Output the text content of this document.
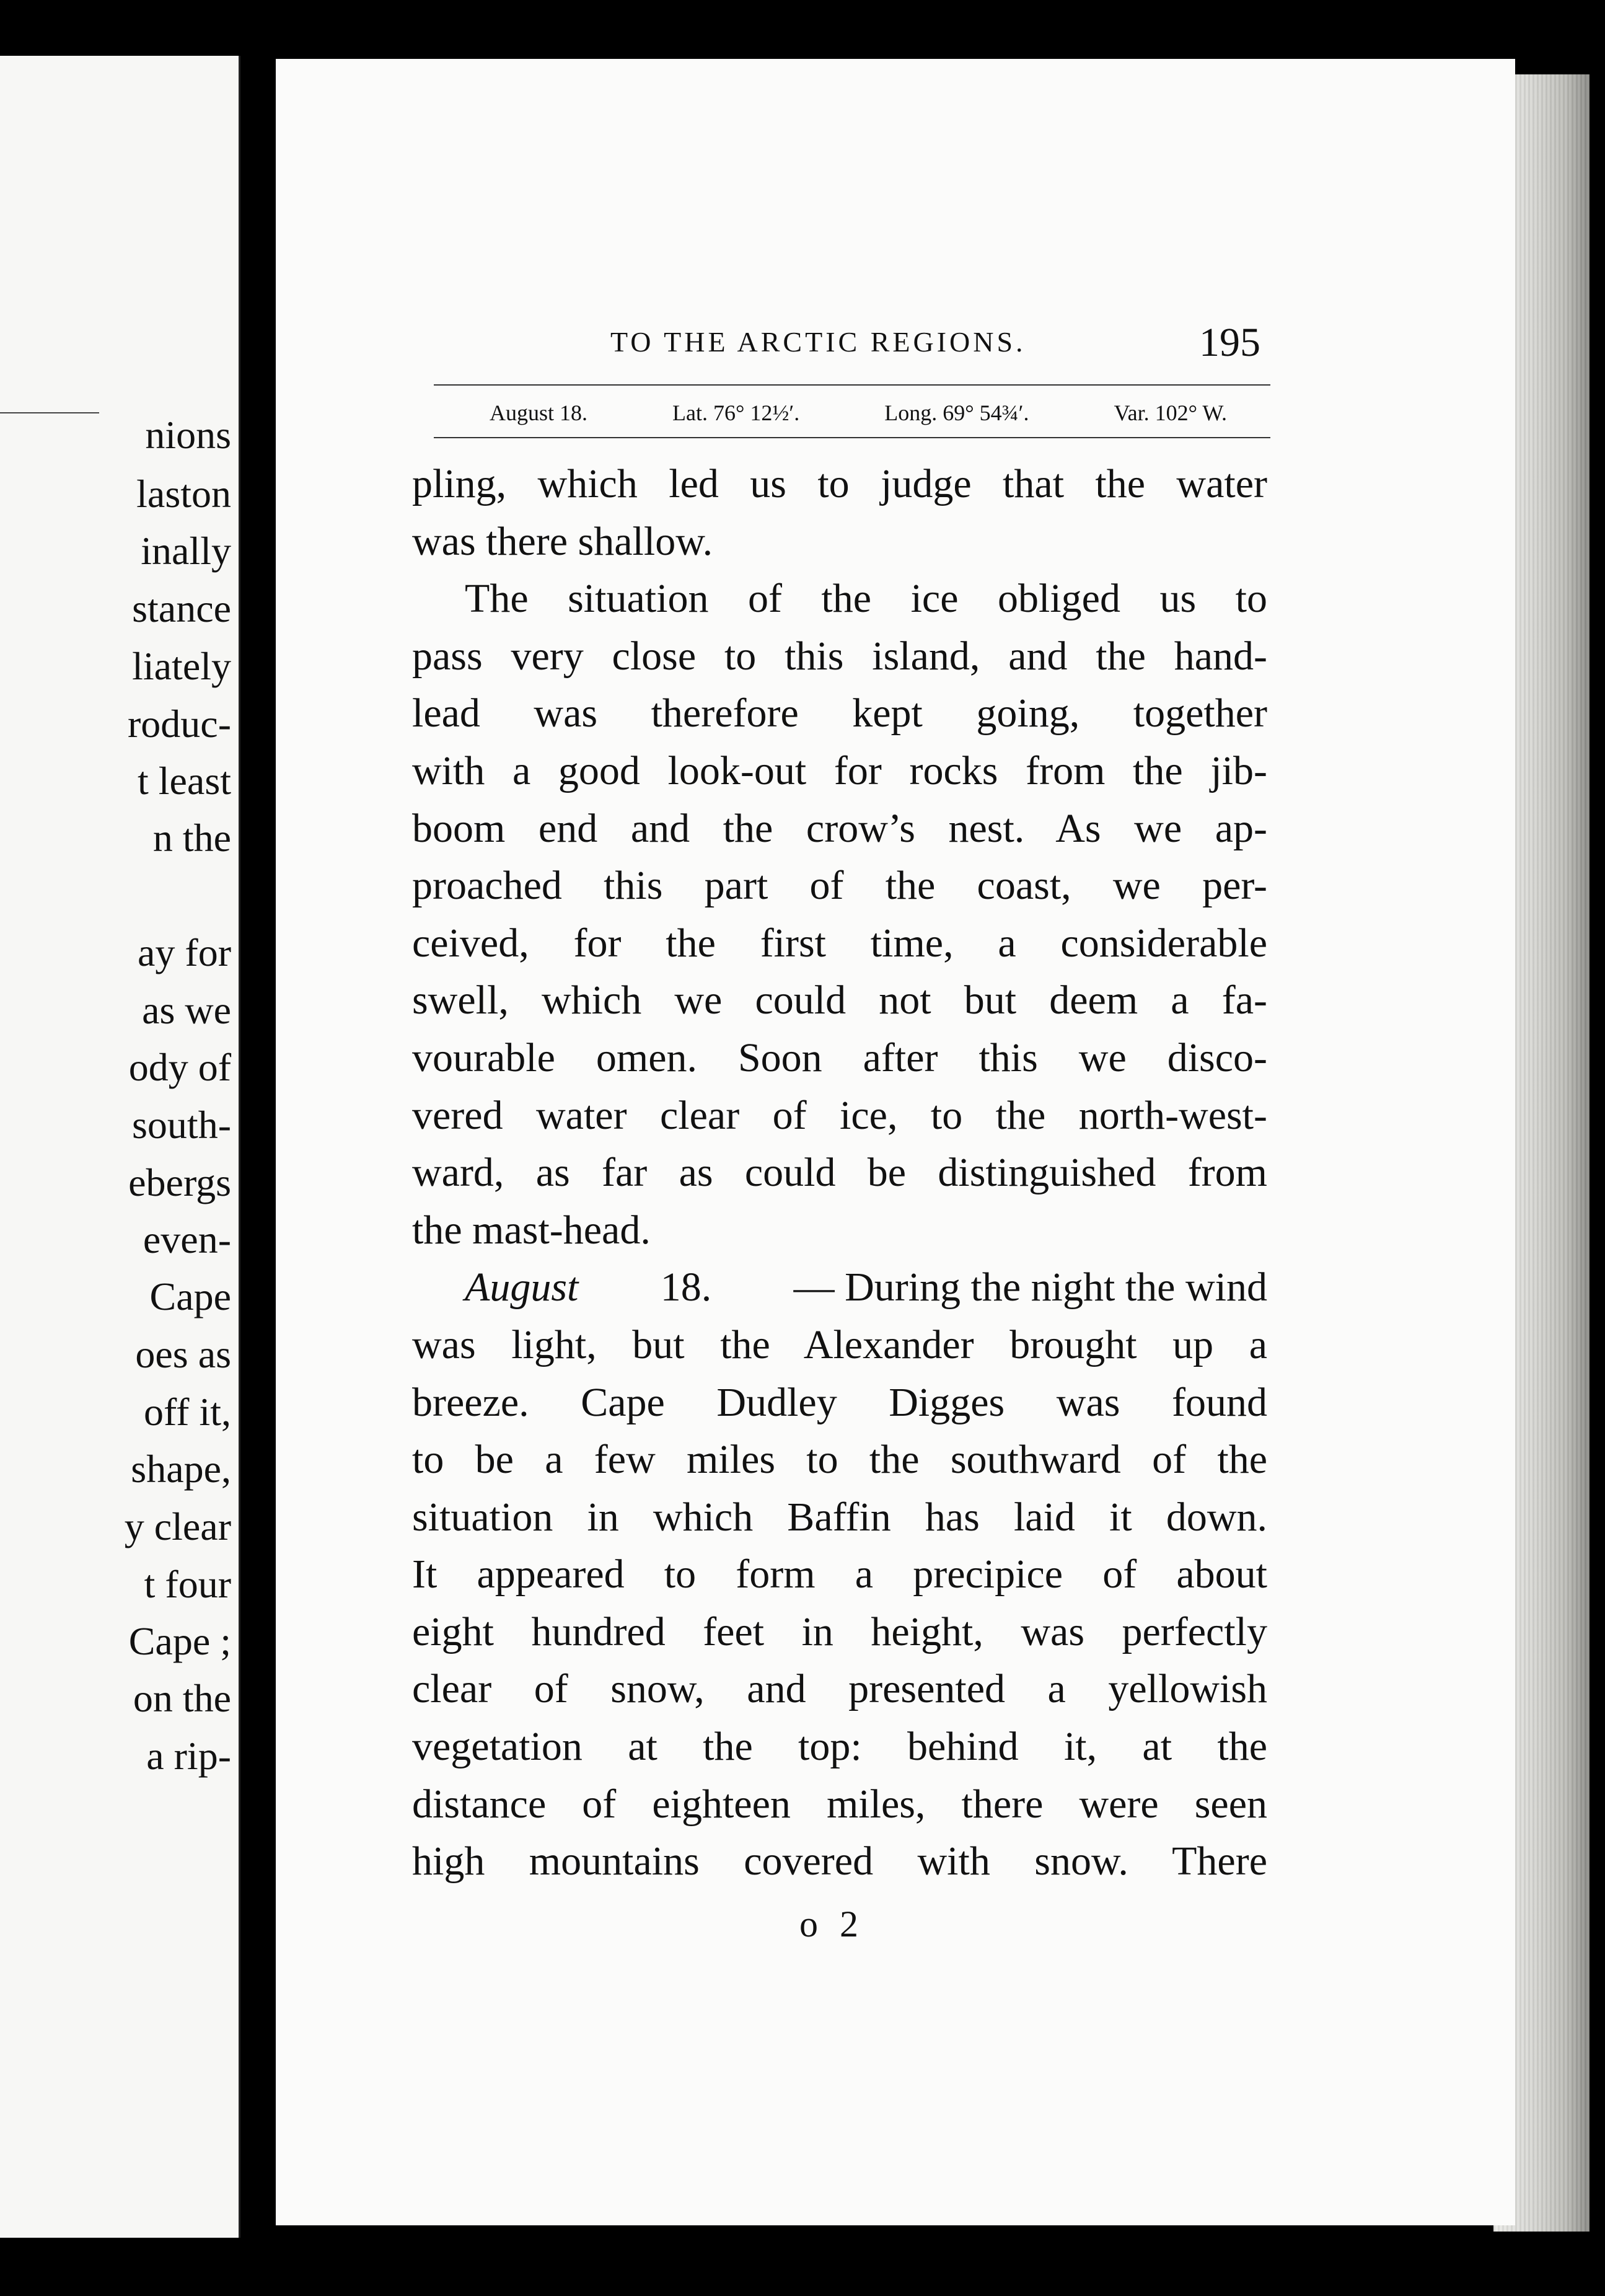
nions
laston
inally
stance
liately
roduc-
t least
n the
ay for
as we
ody of
south-
ebergs
even-
Cape
oes as
off it,
shape,
y clear
t four
Cape ;
on the
a rip-
TO THE ARCTIC REGIONS.	195
August 18.	Lat. 76° 12½′.	Long. 69° 54¾′.	Var. 102° W.
pling, which led us to judge that the water
was there shallow.
The situation of the ice obliged us to
pass very close to this island, and the hand-
lead was therefore kept going, together
with a good look-out for rocks from the jib-
boom end and the crow’s nest. As we ap-
proached this part of the coast, we per-
ceived, for the first time, a considerable
swell, which we could not but deem a fa-
vourable omen. Soon after this we disco-
vered water clear of ice, to the north-west-
ward, as far as could be distinguished from
the mast-head.
August 18. — During the night the wind
was light, but the Alexander brought up a
breeze. Cape Dudley Digges was found
to be a few miles to the southward of the
situation in which Baffin has laid it down.
It appeared to form a precipice of about
eight hundred feet in height, was perfectly
clear of snow, and presented a yellowish
vegetation at the top: behind it, at the
distance of eighteen miles, there were seen
high mountains covered with snow. There
o 2
